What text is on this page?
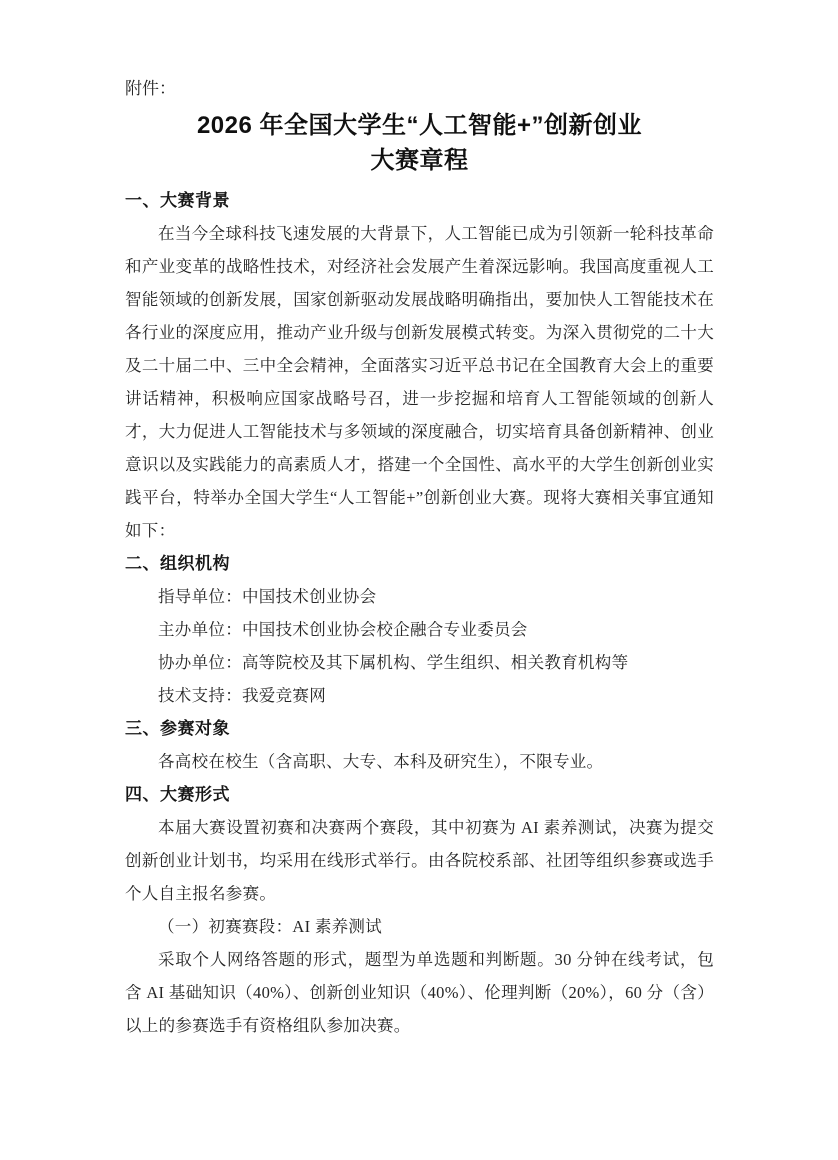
附件：

2026 年全国大学生“人工智能+”创新创业
大赛章程
一、大赛背景

在当今全球科技飞速发展的大背景下，人工智能已成为引领新一轮科技革命和产业变革的战略性技术，对经济社会发展产生着深远影响。我国高度重视人工智能领域的创新发展，国家创新驱动发展战略明确指出，要加快人工智能技术在各行业的深度应用，推动产业升级与创新发展模式转变。为深入贯彻党的二十大及二十届二中、三中全会精神，全面落实习近平总书记在全国教育大会上的重要讲话精神，积极响应国家战略号召，进一步挖掘和培育人工智能领域的创新人才，大力促进人工智能技术与多领域的深度融合，切实培育具备创新精神、创业意识以及实践能力的高素质人才，搭建一个全国性、高水平的大学生创新创业实践平台，特举办全国大学生“人工智能+”创新创业大赛。现将大赛相关事宜通知如下：

二、组织机构

指导单位：中国技术创业协会

主办单位：中国技术创业协会校企融合专业委员会

协办单位：高等院校及其下属机构、学生组织、相关教育机构等

技术支持：我爱竞赛网

三、参赛对象

各高校在校生（含高职、大专、本科及研究生），不限专业。

四、大赛形式

本届大赛设置初赛和决赛两个赛段，其中初赛为 AI 素养测试，决赛为提交创新创业计划书，均采用在线形式举行。由各院校系部、社团等组织参赛或选手个人自主报名参赛。

（一）初赛赛段：AI 素养测试

采取个人网络答题的形式，题型为单选题和判断题。30 分钟在线考试，包含 AI 基础知识（40%）、创新创业知识（40%）、伦理判断（20%），60 分（含）以上的参赛选手有资格组队参加决赛。
